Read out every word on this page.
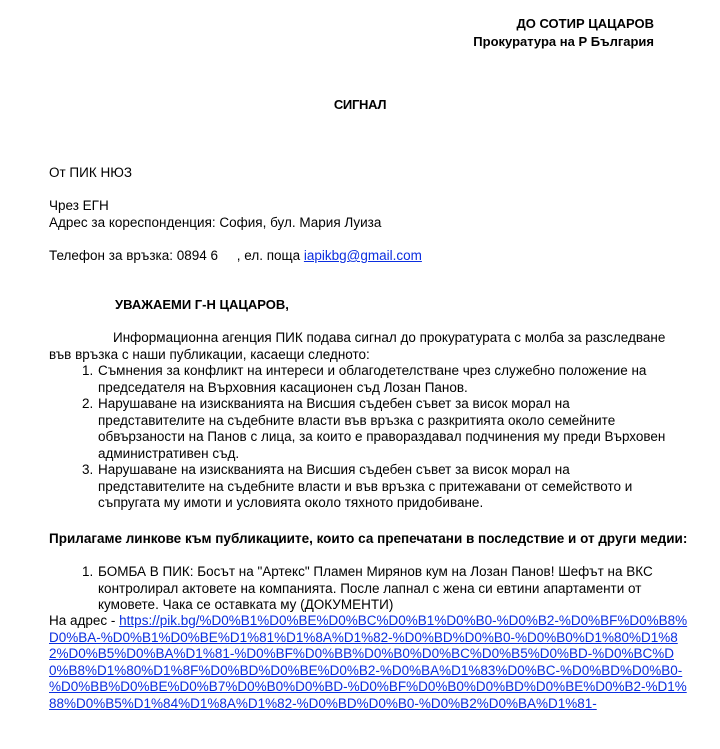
ДО СОТИР ЦАЦАРОВ
Прокуратура на Р България
СИГНАЛ
От ПИК НЮЗ
Чрез ЕГН
Адрес за кореспонденция: София, бул. Мария Луиза
Телефон за връзка: 0894 6     , ел. поща iapikbg@gmail.com
УВАЖАЕМИ Г-Н ЦАЦАРОВ,

Информационна агенция ПИК подава сигнал до прокуратурата с молба за разследване във връзка с наши публикации, касаещи следното:

1. Съмнения за конфликт на интереси и облагодетелстване чрез служебно положение на председателя на Върховния касационен съд Лозан Панов.
2. Нарушаване на изискванията на Висшия съдебен съвет за висок морал на представителите на съдебните власти във връзка с разкритията около семейните обвързаности на Панов с лица, за които е правораздавал подчинения му преди Върховен административен съд.
3. Нарушаване на изискванията на Висшия съдебен съвет за висок морал на представителите на съдебните власти и във връзка с притежавани от семейството и съпругата му имоти и условията около тяхното придобиване.
Прилагаме линкове към публикациите, които са препечатани в последствие и от други медии:
1. БОМБА В ПИК: Босът на "Артекс" Пламен Мирянов кум на Лозан Панов! Шефът на ВКС контролирал актовете на компанията. После лапнал с жена си евтини апартаменти от кумовете. Чака се оставката му (ДОКУМЕНТИ)
На адрес - https://pik.bg/%D0%B1%D0%BE%D0%BC%D0%B1%D0%B0-%D0%B2-%D0%BF%D0%B8%D0%BA-%D0%B1%D0%BE%D1%81%D1%8A%D1%82-%D0%BD%D0%B0-%D0%B0%D1%80%D1%82%D0%B5%D0%BA%D1%81-%D0%BF%D0%BB%D0%B0%D0%BC%D0%B5%D0%BD-%D0%BC%D0%B8%D1%80%D1%8F%D0%BD%D0%BE%D0%B2-%D0%BA%D1%83%D0%BC-%D0%BD%D0%B0-%D0%BB%D0%BE%D0%B7%D0%B0%D0%BD-%D0%BF%D0%B0%D0%BD%D0%BE%D0%B2-%D1%88%D0%B5%D1%84%D1%8A%D1%82-%D0%BD%D0%B0-%D0%B2%D0%BA%D1%81-
